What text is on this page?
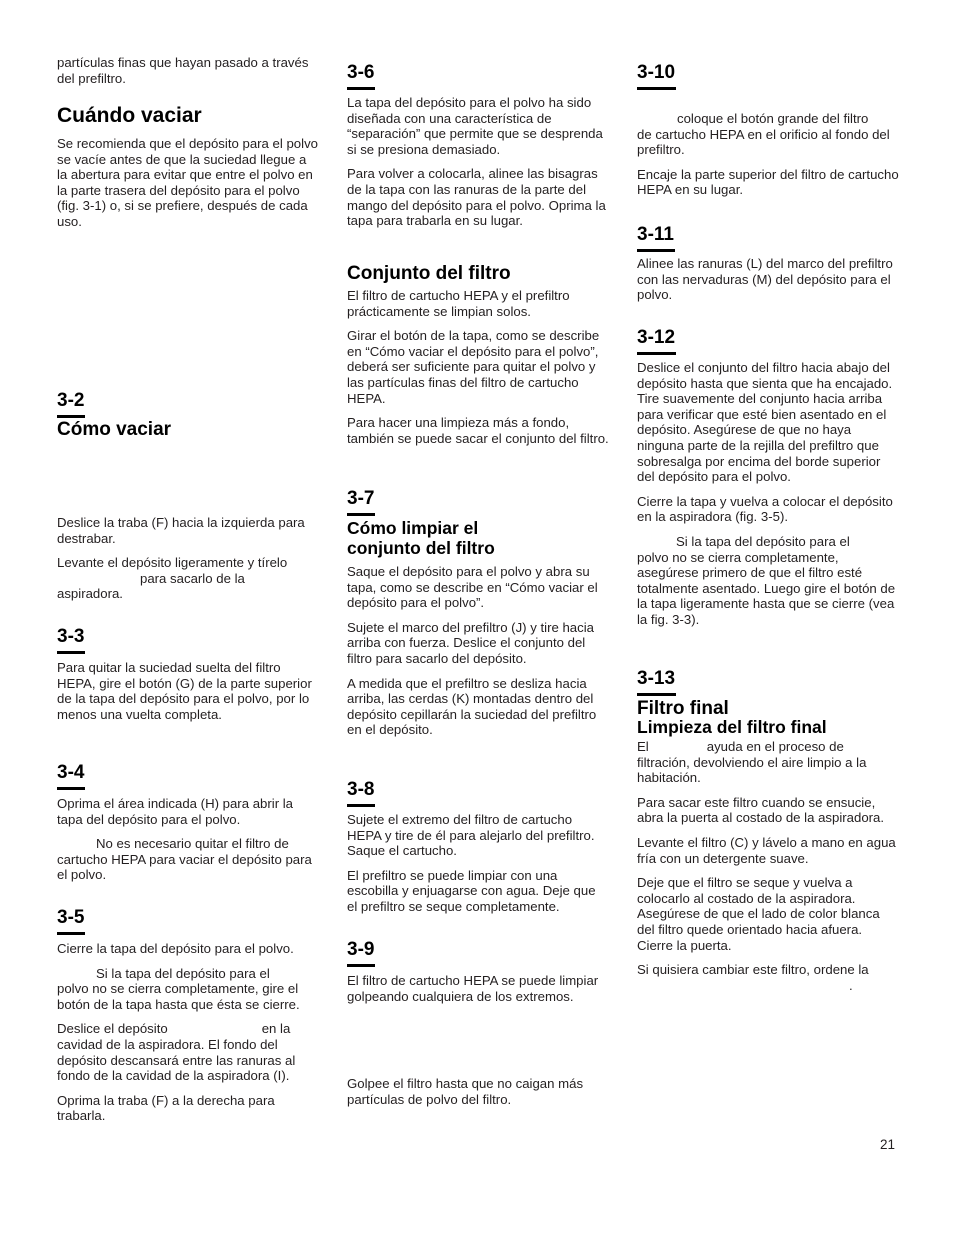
partículas finas que hayan pasado a través del prefiltro.

Cuándo vaciar

Se recomienda que el depósito para el polvo se vacíe antes de que la suciedad llegue a la abertura para evitar que entre el polvo en la parte trasera del depósito para el polvo (fig. 3-1) o, si se prefiere, después de cada uso.

3-2
Cómo vaciar

Deslice la traba (F) hacia la izquierda para destrabar.

Levante el depósito ligeramente y tírelo
para sacarlo de la
aspiradora.

3-3

Para quitar la suciedad suelta del filtro HEPA, gire el botón (G) de la parte superior de la tapa del depósito para el polvo, por lo menos una vuelta completa.

3-4

Oprima el área indicada (H) para abrir la tapa del depósito para el polvo.

No es necesario quitar el filtro de
cartucho HEPA para vaciar el depósito para el polvo.

3-5

Cierre la tapa del depósito para el polvo.

Si la tapa del depósito para el
polvo no se cierra completamente, gire el botón de la tapa hasta que ésta se cierre.

Deslice el depósito	en la
cavidad de la aspiradora. El fondo del depósito descansará entre las ranuras al fondo de la cavidad de la aspiradora (I).

Oprima la traba (F) a la derecha para trabarla.

3-6

La tapa del depósito para el polvo ha sido diseñada con una característica de “separación” que permite que se desprenda si se presiona demasiado.

Para volver a colocarla, alinee las bisagras de la tapa con las ranuras de la parte del mango del depósito para el polvo. Oprima la tapa para trabarla en su lugar.

Conjunto del filtro

El filtro de cartucho HEPA y el prefiltro prácticamente se limpian solos.

Girar el botón de la tapa, como se describe en “Cómo vaciar el depósito para el polvo”, deberá ser suficiente para quitar el polvo y las partículas finas del filtro de cartucho HEPA.

Para hacer una limpieza más a fondo, también se puede sacar el conjunto del filtro.

3-7
Cómo limpiar el conjunto del filtro

Saque el depósito para el polvo y abra su tapa, como se describe en “Cómo vaciar el depósito para el polvo”.

Sujete el marco del prefiltro (J) y tire hacia arriba con fuerza. Deslice el conjunto del filtro para sacarlo del depósito.

A medida que el prefiltro se desliza hacia arriba, las cerdas (K) montadas dentro del depósito cepillarán la suciedad del prefiltro en el depósito.

3-8

Sujete el extremo del filtro de cartucho HEPA y tire de él para alejarlo del prefiltro. Saque el cartucho.

El prefiltro se puede limpiar con una escobilla y enjuagarse con agua. Deje que el prefiltro se seque completamente.

3-9

El filtro de cartucho HEPA se puede limpiar golpeando cualquiera de los extremos.

Golpee el filtro hasta que no caigan más partículas de polvo del filtro.

3-10

coloque el botón grande del filtro
de cartucho HEPA en el orificio al fondo del prefiltro.

Encaje la parte superior del filtro de cartucho HEPA en su lugar.

3-11

Alinee las ranuras (L) del marco del prefiltro con las nervaduras (M) del depósito para el polvo.

3-12

Deslice el conjunto del filtro hacia abajo del depósito hasta que sienta que ha encajado. Tire suavemente del conjunto hacia arriba para verificar que esté bien asentado en el depósito. Asegúrese de que no haya ninguna parte de la rejilla del prefiltro que sobresalga por encima del borde superior del depósito para el polvo.

Cierre la tapa y vuelva a colocar el depósito en la aspiradora (fig. 3-5).

Si la tapa del depósito para el
polvo no se cierra completamente, asegúrese primero de que el filtro esté totalmente asentado. Luego gire el botón de la tapa ligeramente hasta que se cierre (vea la fig. 3-3).

3-13
Filtro final
Limpieza del filtro final

El	ayuda en el proceso de
filtración, devolviendo el aire limpio a la habitación.

Para sacar este filtro cuando se ensucie, abra la puerta al costado de la aspiradora.

Levante el filtro (C) y lávelo a mano en agua fría con un detergente suave.

Deje que el filtro se seque y vuelva a colocarlo al costado de la aspiradora. Asegúrese de que el lado de color blanca del filtro quede orientado hacia afuera. Cierre la puerta.

Si quisiera cambiar este filtro, ordene la
.

21
